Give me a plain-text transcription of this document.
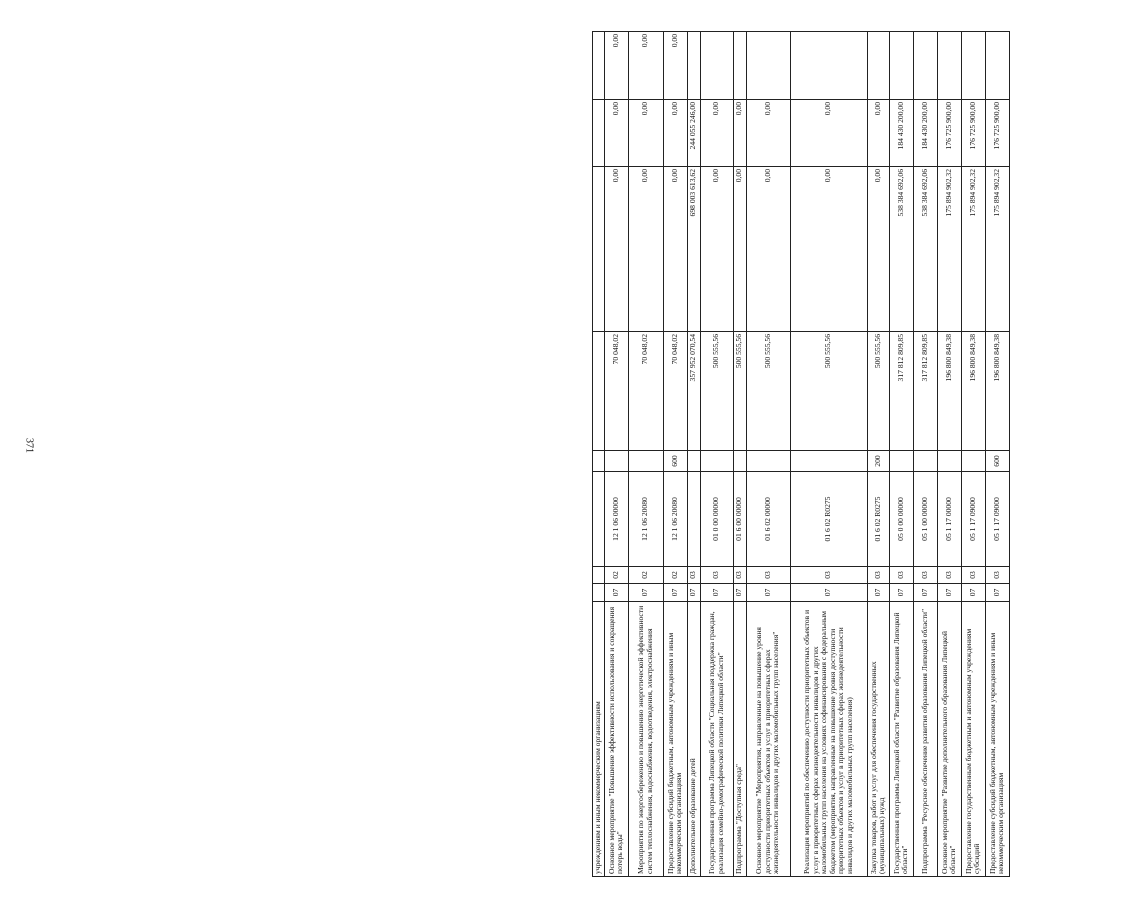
371
учреждениям и иным некоммерческим организациям								
Основное мероприятие "Повышение эффективности использования и сокращения потерь воды"	07	02	12 1 06 00000		70 048,02	0,00	0,00	0,00
Мероприятия по энергосбережению и повышению энергетической эффективности систем теплоснабжения, водоснабжения, водоотведения, электроснабжения	07	02	12 1 06 20080		70 048,02	0,00	0,00	0,00
Предоставление субсидий бюджетным, автономным учреждениям и иным некоммерческим организациям	07	02	12 1 06 20080	600	70 048,02	0,00	0,00	0,00
Дополнительное образование детей	07	03			357 952 070,54	698 003 613,62	244 055 246,00	
Государственная программа Липецкой области "Социальная поддержка граждан, реализация семейно-демографической политики Липецкой области"	07	03	01 0 00 00000		500 555,56	0,00	0,00	
Подпрограмма "Доступная среда"	07	03	01 6 00 00000		500 555,56	0,00	0,00	
Основное мероприятие "Мероприятия, направленные на повышение уровня доступности приоритетных объектов и услуг в приоритетных сферах жизнедеятельности инвалидов и других маломобильных групп населения"	07	03	01 6 02 00000		500 555,56	0,00	0,00	
Реализация мероприятий по обеспечению доступности приоритетных объектов и услуг в приоритетных сферах жизнедеятельности инвалидов и других маломобильных групп населения на условиях софинансирования с федеральным бюджетом (мероприятия, направленные на повышение уровня доступности приоритетных объектов и услуг в приоритетных сферах жизнедеятельности инвалидов и других маломобильных групп населения)	07	03	01 6 02 R0275		500 555,56	0,00	0,00	
Закупка товаров, работ и услуг для обеспечения государственных (муниципальных) нужд	07	03	01 6 02 R0275	200	500 555,56	0,00	0,00	
Государственная программа Липецкой области "Развитие образования Липецкой области"	07	03	05 0 00 00000		317 812 809,85	538 384 692,06	184 430 200,00	
Подпрограмма "Ресурсное обеспечение развития образования Липецкой области"	07	03	05 1 00 00000		317 812 809,85	538 384 692,06	184 430 200,00	
Основное мероприятие "Развитие дополнительного образования Липецкой области"	07	03	05 1 17 00000		196 800 849,38	175 894 902,32	176 725 900,00	
Предоставление государственным бюджетным и автономным учреждениям субсидий	07	03	05 1 17 09000		196 800 849,38	175 894 902,32	176 725 900,00	
Предоставление субсидий бюджетным, автономным учреждениям и иным некоммерческим организациям	07	03	05 1 17 09000	600	196 800 849,38	175 894 902,32	176 725 900,00	
